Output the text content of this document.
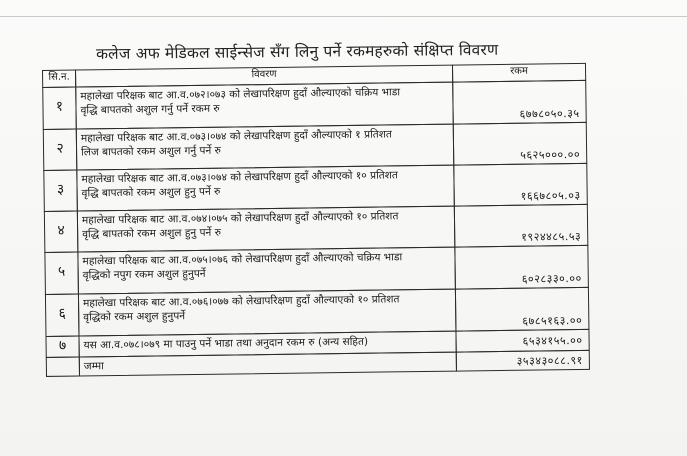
कलेज अफ मेडिकल साईन्सेज सँग लिनु पर्ने रकमहरुको संक्षिप्त विवरण
सि.न.	विवरण	रकम
१
महालेखा परिक्षक बाट आ.व.०७२।०७३ को लेखापरिक्षण हुदाँ औल्याएको चक्रिय भाडा
वृद्धि बापतको अशुल गर्नु पर्ने रकम रु	६७७८०५०.३५
२
महालेखा परिक्षक बाट आ.व.०७३।०७४ को लेखापरिक्षण हुदाँ औल्याएको १ प्रतिशत
लिज बापतको रकम अशुल गर्नु पर्ने रु	५६२५०००.००
३
महालेखा परिक्षक बाट आ.व.०७३।०७४ को लेखापरिक्षण हुदाँ औल्याएको १० प्रतिशत
वृद्धि बापतको रकम अशुल हुनु पर्ने रु	१६६७८०५.०३
४
महालेखा परिक्षक बाट आ.व.०७४।०७५ को लेखापरिक्षण हुदाँ औल्याएको १० प्रतिशत
वृद्धि बापतको रकम अशुल हुनु पर्ने रु	१९२४४८५.५३
५
महालेखा परिक्षक बाट आ.व.०७५।०७६ को लेखापरिक्षण हुदाँ औल्याएको चक्रिय भाडा
वृद्धिको नपुग रकम अशुल हुनुपर्ने	६०२८३३०.००
६
महालेखा परिक्षक बाट आ.व.०७६।०७७ को लेखापरिक्षण हुदाँ औल्याएको १० प्रतिशत
वृद्धिको रकम अशुल हुनुपर्ने	६७८५१६३.००
७	यस आ.व.०७८।०७९ मा पाउनु पर्ने भाडा तथा अनुदान रकम रु (अन्य सहित)	६५३४१५५.००
जम्मा	३५३४३०८८.९१
